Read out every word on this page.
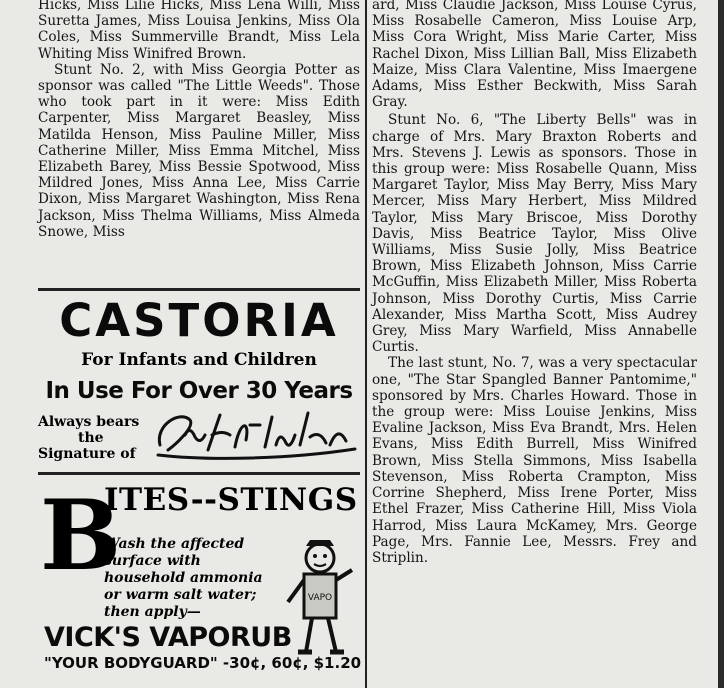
Hicks, Miss Lilie Hicks, Miss Lena Willi, Miss Suretta James, Miss Louisa Jenkins, Miss Ola Coles, Miss Summerville Brandt, Miss Lela Whiting Miss Winifred Brown.

Stunt No. 2, with Miss Georgia Potter as sponsor was called "The Little Weeds". Those who took part in it were: Miss Edith Carpenter, Miss Margaret Beasley, Miss Matilda Henson, Miss Pauline Miller, Miss Catherine Miller, Miss Emma Mitchel, Miss Elizabeth Barey, Miss Bessie Spotwood, Miss Mildred Jones, Miss Anna Lee, Miss Carrie Dixon, Miss Margaret Washington, Miss Rena Jackson, Miss Thelma Williams, Miss Almeda Snowe, Miss

CASTORIA
For Infants and Children
In Use For Over 30 Years
Always bears
the
Signature of
B
ITES--STINGS
Wash the affected surface with household ammonia or warm salt water; then apply—
VAPO
VICK'S VAPORUB
"YOUR BODYGUARD" -30¢, 60¢, $1.20

ard, Miss Claudie Jackson, Miss Louise Cyrus, Miss Rosabelle Cameron, Miss Louise Arp, Miss Cora Wright, Miss Marie Carter, Miss Rachel Dixon, Miss Lillian Ball, Miss Elizabeth Maize, Miss Clara Valentine, Miss Imaergene Adams, Miss Esther Beckwith, Miss Sarah Gray.

Stunt No. 6, "The Liberty Bells" was in charge of Mrs. Mary Braxton Roberts and Mrs. Stevens J. Lewis as sponsors. Those in this group were: Miss Rosabelle Quann, Miss Margaret Taylor, Miss May Berry, Miss Mary Mercer, Miss Mary Herbert, Miss Mildred Taylor, Miss Mary Briscoe, Miss Dorothy Davis, Miss Beatrice Taylor, Miss Olive Williams, Miss Susie Jolly, Miss Beatrice Brown, Miss Elizabeth Johnson, Miss Carrie McGuffin, Miss Elizabeth Miller, Miss Roberta Johnson, Miss Dorothy Curtis, Miss Carrie Alexander, Miss Martha Scott, Miss Audrey Grey, Miss Mary Warfield, Miss Annabelle Curtis.

The last stunt, No. 7, was a very spectacular one, "The Star Spangled Banner Pantomime," sponsored by Mrs. Charles Howard. Those in the group were: Miss Louise Jenkins, Miss Evaline Jackson, Miss Eva Brandt, Mrs. Helen Evans, Miss Edith Burrell, Miss Winifred Brown, Miss Stella Simmons, Miss Isabella Stevenson, Miss Roberta Crampton, Miss Corrine Shepherd, Miss Irene Porter, Miss Ethel Frazer, Miss Catherine Hill, Miss Viola Harrod, Miss Laura McKamey, Mrs. George Page, Mrs. Fannie Lee, Messrs. Frey and Striplin.
